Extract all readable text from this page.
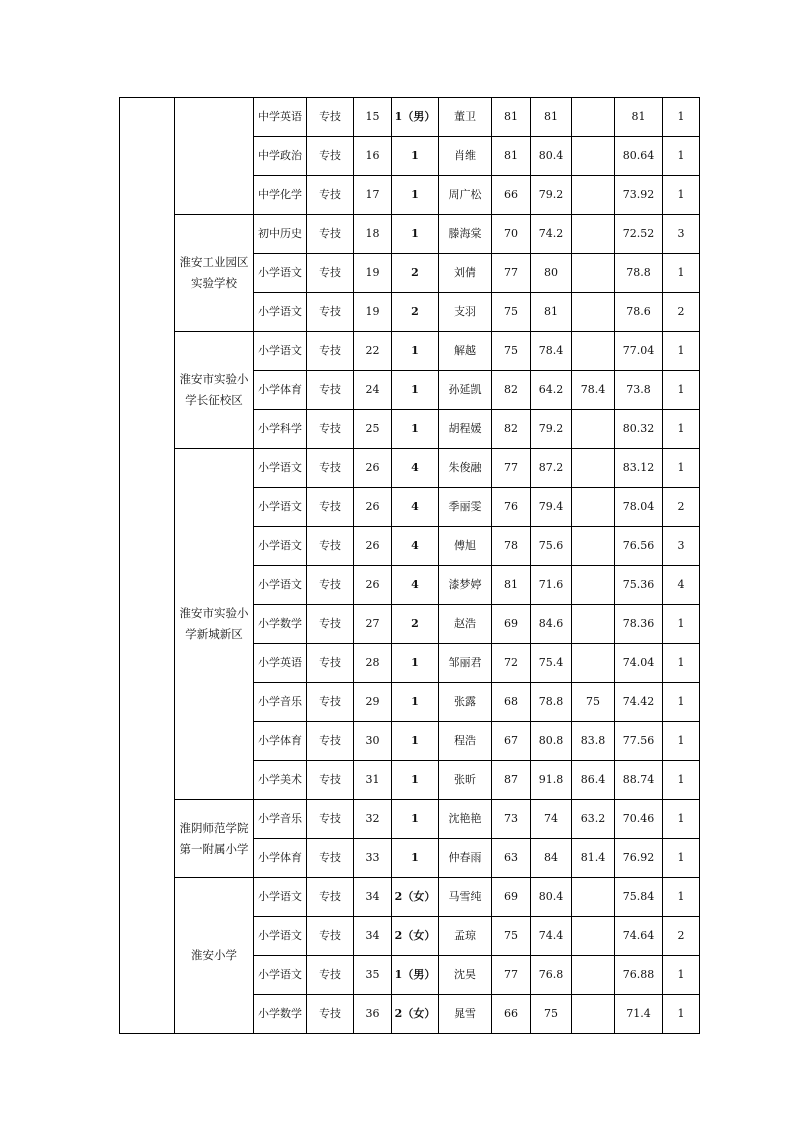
		中学英语	专技	15	1（男）	董卫	81	81		81	1
		中学政治	专技	16	1	肖维	81	80.4		80.64	1
		中学化学	专技	17	1	周广松	66	79.2		73.92	1
	淮安工业园区实验学校	初中历史	专技	18	1	滕海棠	70	74.2		72.52	3
		小学语文	专技	19	2	刘倩	77	80		78.8	1
		小学语文	专技	19	2	支羽	75	81		78.6	2
	淮安市实验小学长征校区	小学语文	专技	22	1	解越	75	78.4		77.04	1
		小学体育	专技	24	1	孙延凯	82	64.2	78.4	73.8	1
		小学科学	专技	25	1	胡程媛	82	79.2		80.32	1
	淮安市实验小学新城新区	小学语文	专技	26	4	朱俊融	77	87.2		83.12	1
		小学语文	专技	26	4	季丽雯	76	79.4		78.04	2
		小学语文	专技	26	4	傅旭	78	75.6		76.56	3
		小学语文	专技	26	4	漆梦婷	81	71.6		75.36	4
		小学数学	专技	27	2	赵浩	69	84.6		78.36	1
		小学英语	专技	28	1	邹丽君	72	75.4		74.04	1
		小学音乐	专技	29	1	张露	68	78.8	75	74.42	1
		小学体育	专技	30	1	程浩	67	80.8	83.8	77.56	1
		小学美术	专技	31	1	张昕	87	91.8	86.4	88.74	1
	淮阴师范学院第一附属小学	小学音乐	专技	32	1	沈艳艳	73	74	63.2	70.46	1
		小学体育	专技	33	1	仲春雨	63	84	81.4	76.92	1
	淮安小学	小学语文	专技	34	2（女）	马雪纯	69	80.4		75.84	1
		小学语文	专技	34	2（女）	孟琼	75	74.4		74.64	2
		小学语文	专技	35	1（男）	沈昊	77	76.8		76.88	1
		小学数学	专技	36	2（女）	晁雪	66	75		71.4	1
